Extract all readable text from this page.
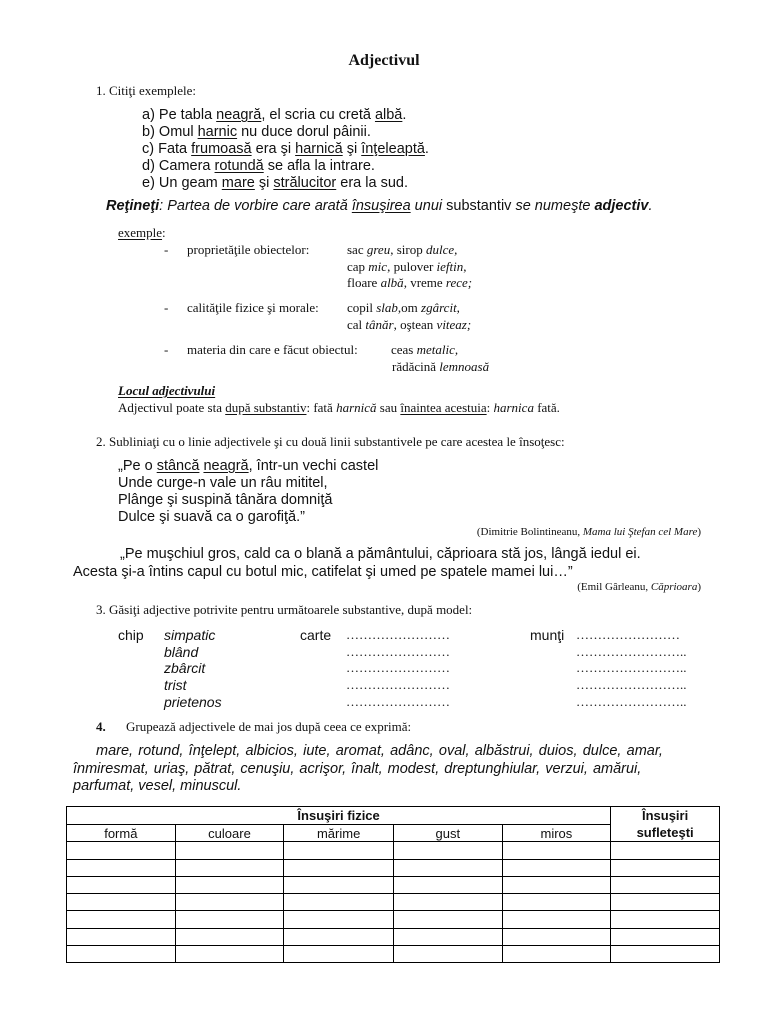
Adjectivul
1. Citiţi exemplele:
a) Pe tabla neagră, el scria cu cretă albă.
b) Omul harnic nu duce dorul pâinii.
c) Fata frumoasă era şi harnică şi înţeleaptă.
d) Camera rotundă se afla la intrare.
e) Un geam mare şi strălucitor era la sud.
Reţineţi: Partea de vorbire care arată însuşirea unui substantiv se numeşte adjectiv.
exemple:
- proprietăţile obiectelor:	sac greu, sirop dulce,
cap mic, pulover ieftin,
floare albă, vreme rece;
- calităţile fizice şi morale: copil slab,om zgârcit,
cal tânăr, oştean viteaz;
- materia din care e făcut obiectul:	ceas metalic,
rădăcină lemnoasă
Locul adjectivului
Adjectivul poate sta după substantiv: fată harnică sau înaintea acestuia: harnica fată.
2. Subliniaţi cu o linie adjectivele şi cu două linii substantivele pe care acestea le însoţesc:
„Pe o stâncă neagră, într-un vechi castel
Unde curge-n vale un râu mititel,
Plânge şi suspină tânăra domniţă
Dulce şi suavă ca o garofiţă.”
(Dimitrie Bolintineanu, Mama lui Ştefan cel Mare)
„Pe muşchiul gros, cald ca o blană a pământului, căprioara stă jos, lângă iedul ei.
Acesta şi-a întins capul cu botul mic, catifelat şi umed pe spatele mamei lui…”
(Emil Gârleanu, Căprioara)
3. Găsiţi adjective potrivite pentru următoarele substantive, după model:
chip	carte	munţi
simpatic	……………………	……………………
blând	……………………	……………………..
zbârcit	……………………	……………………..
trist	……………………	……………………..
prietenos	……………………	……………………..
4. Grupează adjectivele de mai jos după ceea ce exprimă:
mare, rotund, înţelept, albicios, iute, aromat, adânc, oval, albăstrui, duios, dulce, amar,
înmiresmat, uriaş, pătrat, cenuşiu, acrişor, înalt, modest, dreptunghiular, verzui, amărui,
parfumat, vesel, minuscul.
Însuşiri fizice					Însuşiri
sufleteşti
formă	culoare	mărime	gust	miros	
